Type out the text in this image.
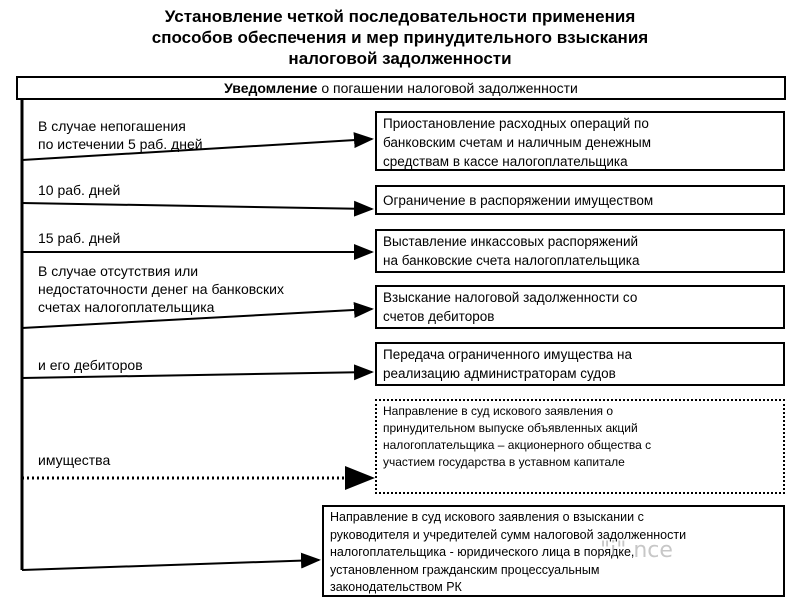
Установление четкой последовательности применения
способов обеспечения и мер принудительного взыскания
налоговой задолженности
Уведомление о погашении налоговой задолженности
В случае непогашения
по истечении 5 раб. дней
10 раб. дней
15 раб. дней
В случае отсутствия или
недостаточности денег на банковских
счетах налогоплательщика
и его дебиторов
имущества
Приостановление расходных операций по
банковским счетам и наличным денежным
средствам в кассе налогоплательщика
Ограничение в распоряжении имуществом
Выставление инкассовых распоряжений
на банковские счета налогоплательщика
Взыскание налоговой задолженности со
счетов дебиторов
Передача ограниченного имущества на
реализацию администраторам судов
Направление в суд искового заявления о
принудительном выпуске объявленных акций
налогоплательщика – акционерного общества с
участием государства в уставном капитале
Направление в суд искового заявления о взыскании с
руководителя и учредителей сумм налоговой задолженности
налогоплательщика - юридического лица в порядке,
установленном гражданским процессуальным
законодательством РК
"i" nce
